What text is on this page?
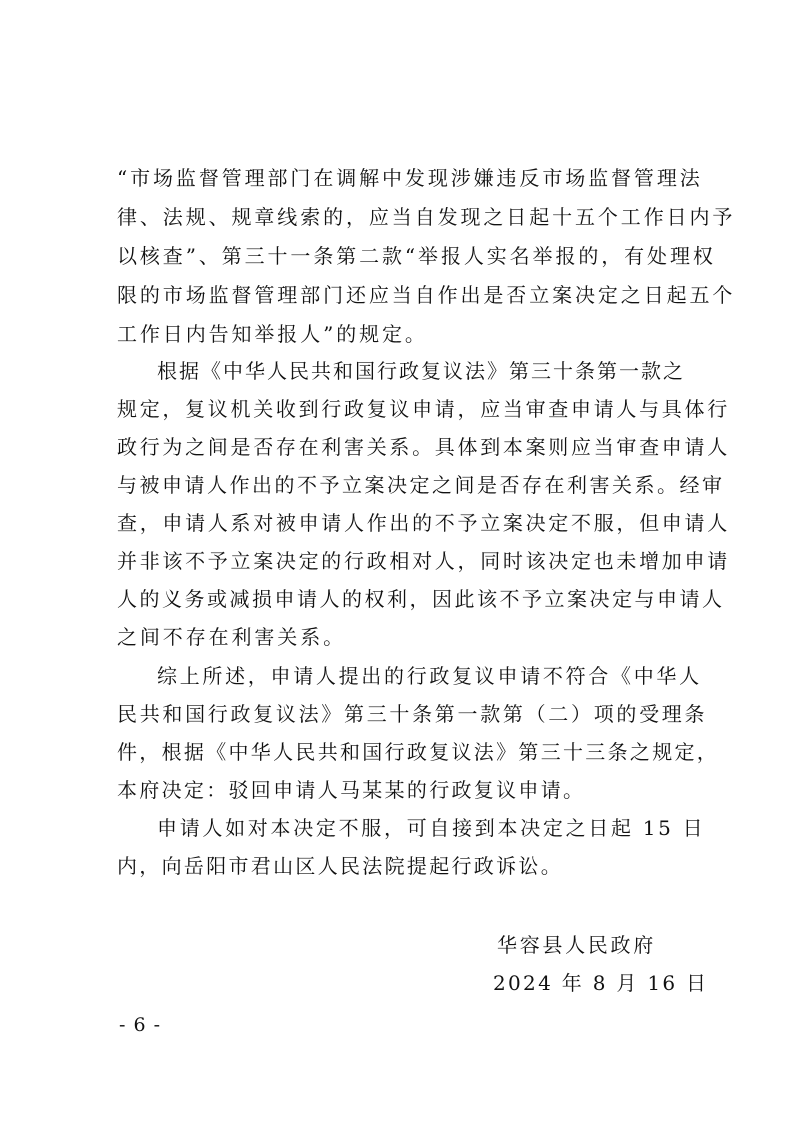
“市场监督管理部门在调解中发现涉嫌违反市场监督管理法
律、法规、规章线索的，应当自发现之日起十五个工作日内予
以核查”、第三十一条第二款“举报人实名举报的，有处理权
限的市场监督管理部门还应当自作出是否立案决定之日起五个
工作日内告知举报人”的规定。
根据《中华人民共和国行政复议法》第三十条第一款之
规定，复议机关收到行政复议申请，应当审查申请人与具体行
政行为之间是否存在利害关系。具体到本案则应当审查申请人
与被申请人作出的不予立案决定之间是否存在利害关系。经审
查，申请人系对被申请人作出的不予立案决定不服，但申请人
并非该不予立案决定的行政相对人，同时该决定也未增加申请
人的义务或减损申请人的权利，因此该不予立案决定与申请人
之间不存在利害关系。
综上所述，申请人提出的行政复议申请不符合《中华人
民共和国行政复议法》第三十条第一款第（二）项的受理条
件，根据《中华人民共和国行政复议法》第三十三条之规定，
本府决定：驳回申请人马某某的行政复议申请。
申请人如对本决定不服，可自接到本决定之日起 15 日
内，向岳阳市君山区人民法院提起行政诉讼。
华容县人民政府
2024 年 8 月 16 日
- 6 -
